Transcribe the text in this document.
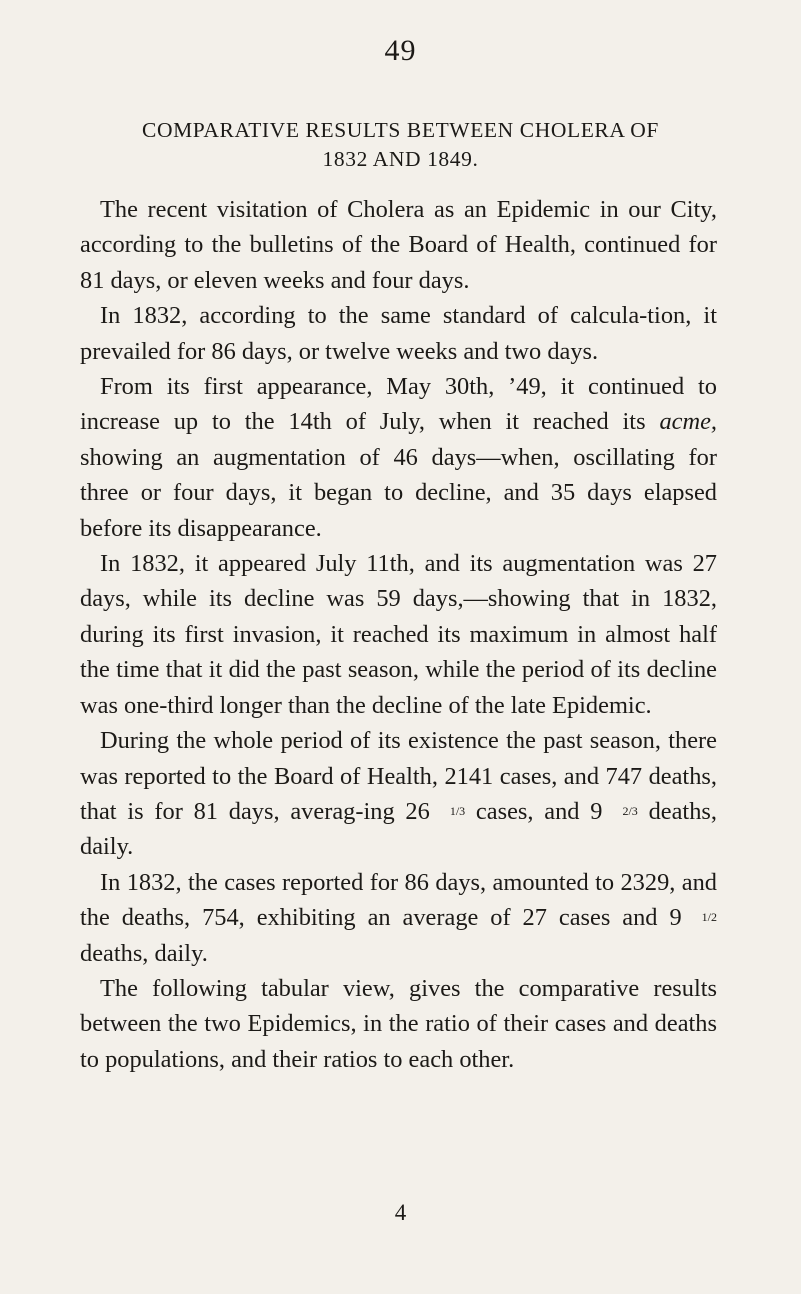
49
COMPARATIVE RESULTS BETWEEN CHOLERA OF
1832 AND 1849.

The recent visitation of Cholera as an Epidemic in our City, according to the bulletins of the Board of Health, continued for 81 days, or eleven weeks and four days.

In 1832, according to the same standard of calcula-tion, it prevailed for 86 days, or twelve weeks and two days.

From its first appearance, May 30th, ’49, it continued to increase up to the 14th of July, when it reached its acme, showing an augmentation of 46 days—when, oscillating for three or four days, it began to decline, and 35 days elapsed before its disappearance.

In 1832, it appeared July 11th, and its augmentation was 27 days, while its decline was 59 days,—showing that in 1832, during its first invasion, it reached its maximum in almost half the time that it did the past season, while the period of its decline was one-third longer than the decline of the late Epidemic.

During the whole period of its existence the past season, there was reported to the Board of Health, 2141 cases, and 747 deaths, that is for 81 days, averag-ing 26 1/3 cases, and 9 2/3 deaths, daily.

In 1832, the cases reported for 86 days, amounted to 2329, and the deaths, 754, exhibiting an average of 27 cases and 9 1/2 deaths, daily.

The following tabular view, gives the comparative results between the two Epidemics, in the ratio of their cases and deaths to populations, and their ratios to each other.

4
